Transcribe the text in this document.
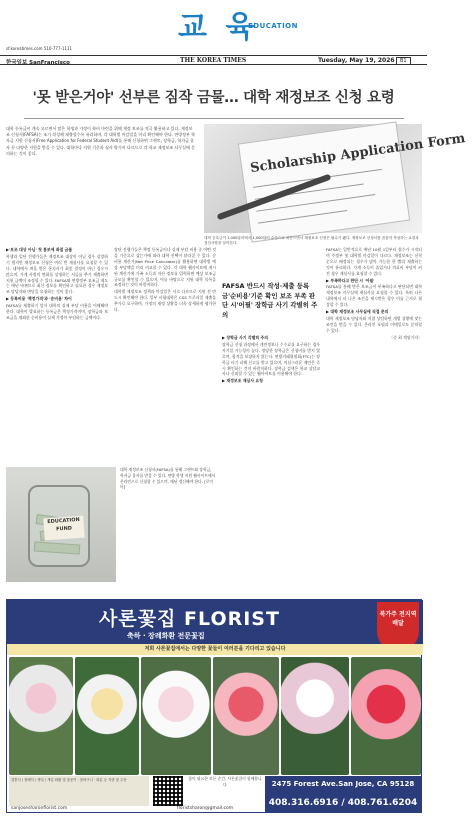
교 육
EDUCATION
sf.koreatimes.com 510-777-1111
한국일보 SanFrancisco	THE KOREA TIMES	Tuesday, May 19, 2026	B1
'못 받은거야' 선부른 짐작 금물… 대학 재정보조 신청 요령
대학 등록금이 계속 오르면서 많은 학생과 가정이 학비 마련을 위해 재정 보조를 적극 활용하고 있다. 재정보조 신청서(FAFSA)는 조기 작성해 제출할수록 유리하며, 각 대학별 마감일을 미리 확인해야 한다. 연방정부 학자금 지원 신청서(Free Application for Federal Student Aid)를 통해 신청하면 그랜트, 장학금, 학자금 융자 등 다양한 지원을 받을 수 있다. 대학마다 지원 기준과 심사 방식이 다르므로 각 학교 재정보조 사무실에 문의하는 것이 좋다.	Scholarship Application Form
대학 등록금이 1,000달러에서 1,000달러 수준으로 치솟으면서 재정보조 신청은 필수가 됐다. 재정보조 신청서를 꼼꼼히 작성하는 요령과 점검사항을 알아본다.

▶'보조 대상 아님' 첫 통보에 좌절 금물

학생과 일단 진행가들은 재정보조 대상이 아닐 경우 실망하기 쉽지만 재정보조 신청은 여러 번 재심사를 요청할 수 있다. 대학에서 처음 받은 통지서가 최종 결정이 아닌 경우가 많으며, 가계 사정의 변화를 설명하는 서류를 추가 제출하면 지원 금액이 조정될 수 있다. FAFSA와 연방정부 보조금 제도는 매년 바뀌므로 최신 정보를 확인하고 필요한 경우 재정보조 담당자와 면담을 요청하는 것이 좋다.

▶ 등록비용 '책정가격'과 '순비용' 차이

FAFSA를 제출하기 앞서 대학의 실제 부담 비용을 이해해야 한다. 대학이 발표하는 등록금은 책정가격이며, 장학금과 보조금을 제외한 순비용이 실제 가정이 부담하는 금액이다.

장단 진행가들은 책정 등록금이나 실제 부담 비용 중 어떤 것을 기준으로 삼는가에 따라 대학 선택이 달라질 수 있다. 순비용 계산기(Net Price Calculator)를 활용하면 대학별 예상 부담액을 미리 비교할 수 있다. 각 대학 웹사이트에 게시된 계산기에 가족 소득과 자산 정보를 입력하면 예상 보조금 규모를 확인할 수 있으며, 이를 바탕으로 지원 대학 목록을 조정하는 것이 바람직하다.

대학별 재정보조 정책과 마감일은 서로 다르므로 지원 전 반드시 확인해야 한다. 일부 사립대학은 CSS 프로파일 제출을 추가로 요구하며, 가정의 재정 상황을 더욱 상세하게 평가한다.

EDUCATION FUND
대학 재정보조 신청서(FAFSA)를 통해 그랜트와 장학금, 학자금 융자를 받을 수 있다. 연방 학생 지원 웹사이트에서 온라인으로 신청할 수 있으며, 매년 갱신해야 한다. [로이터]

FAFSA 반드시 작성·제출 등록금'순비용'기준 확인 보조 부족 판단 시'어필' 장학금 사기 각별히 주의

▶ 장학금 사기 각별히 주의

장학금 신청 과정에서 개인정보나 수수료를 요구하는 경우 사기일 가능성이 높다. 정당한 장학금은 신청비를 받지 않으며, 합격을 보장하지 않는다. 연방거래위원회(FTC)는 장학금 사기 피해 신고를 받고 있으며, 의심스러운 제안은 즉시 확인하는 것이 바람직하다. 장학금 검색은 학교 상담교사나 신뢰할 수 있는 웹사이트를 이용해야 한다.

▶ 재정보조 재심사 요청

FAFSA는 일반적으로 매년 10월 1일부터 접수가 시작되며 주정부 및 대학별 마감일이 다르다. 재정보조는 선착순으로 배정되는 경우가 많아 가능한 한 빨리 제출하는 것이 유리하다. 가계 소득이 줄었거나 의료비 부담이 커진 경우 재심사를 요청할 수 있다.

▶ 부족하다고 판단 시 '어필'

FAFSA를 통해 받은 보조금이 부족하다고 판단되면 대학 재정보조 사무실에 재심사를 요청할 수 있다. 특히 다른 대학에서 더 나은 조건을 제시받은 경우 이를 근거로 협상할 수 있다.

▶ 대학 재정보조 사무실에 직접 문의

대학 재정보조 담당자와 직접 상담하면 개별 상황에 맞는 조언을 받을 수 있다. 온라인 포털과 이메일로도 문의할 수 있다.

〈준 최 객원기자〉

사론꽃집 FLORIST
축하 · 장례화환 전문꽃집
북가주 전지역 배달
저희 사론꽃집에서는 다양한 꽃들이 여러분을 기다리고 있습니다
결혼식 / 장례식 / 생일 / 개업 화환 및 꽃꽂이 · 꽃바구니 · 화분 등 각종 꽃 주문	꽃이 필요한 모든 순간, 사론꽃집이 함께합니다	2475 Forest Ave.San Jose, CA 95128
408.316.6916 / 408.761.6204
sanjosesharonflorist.com	floristsharon@gmail.com
